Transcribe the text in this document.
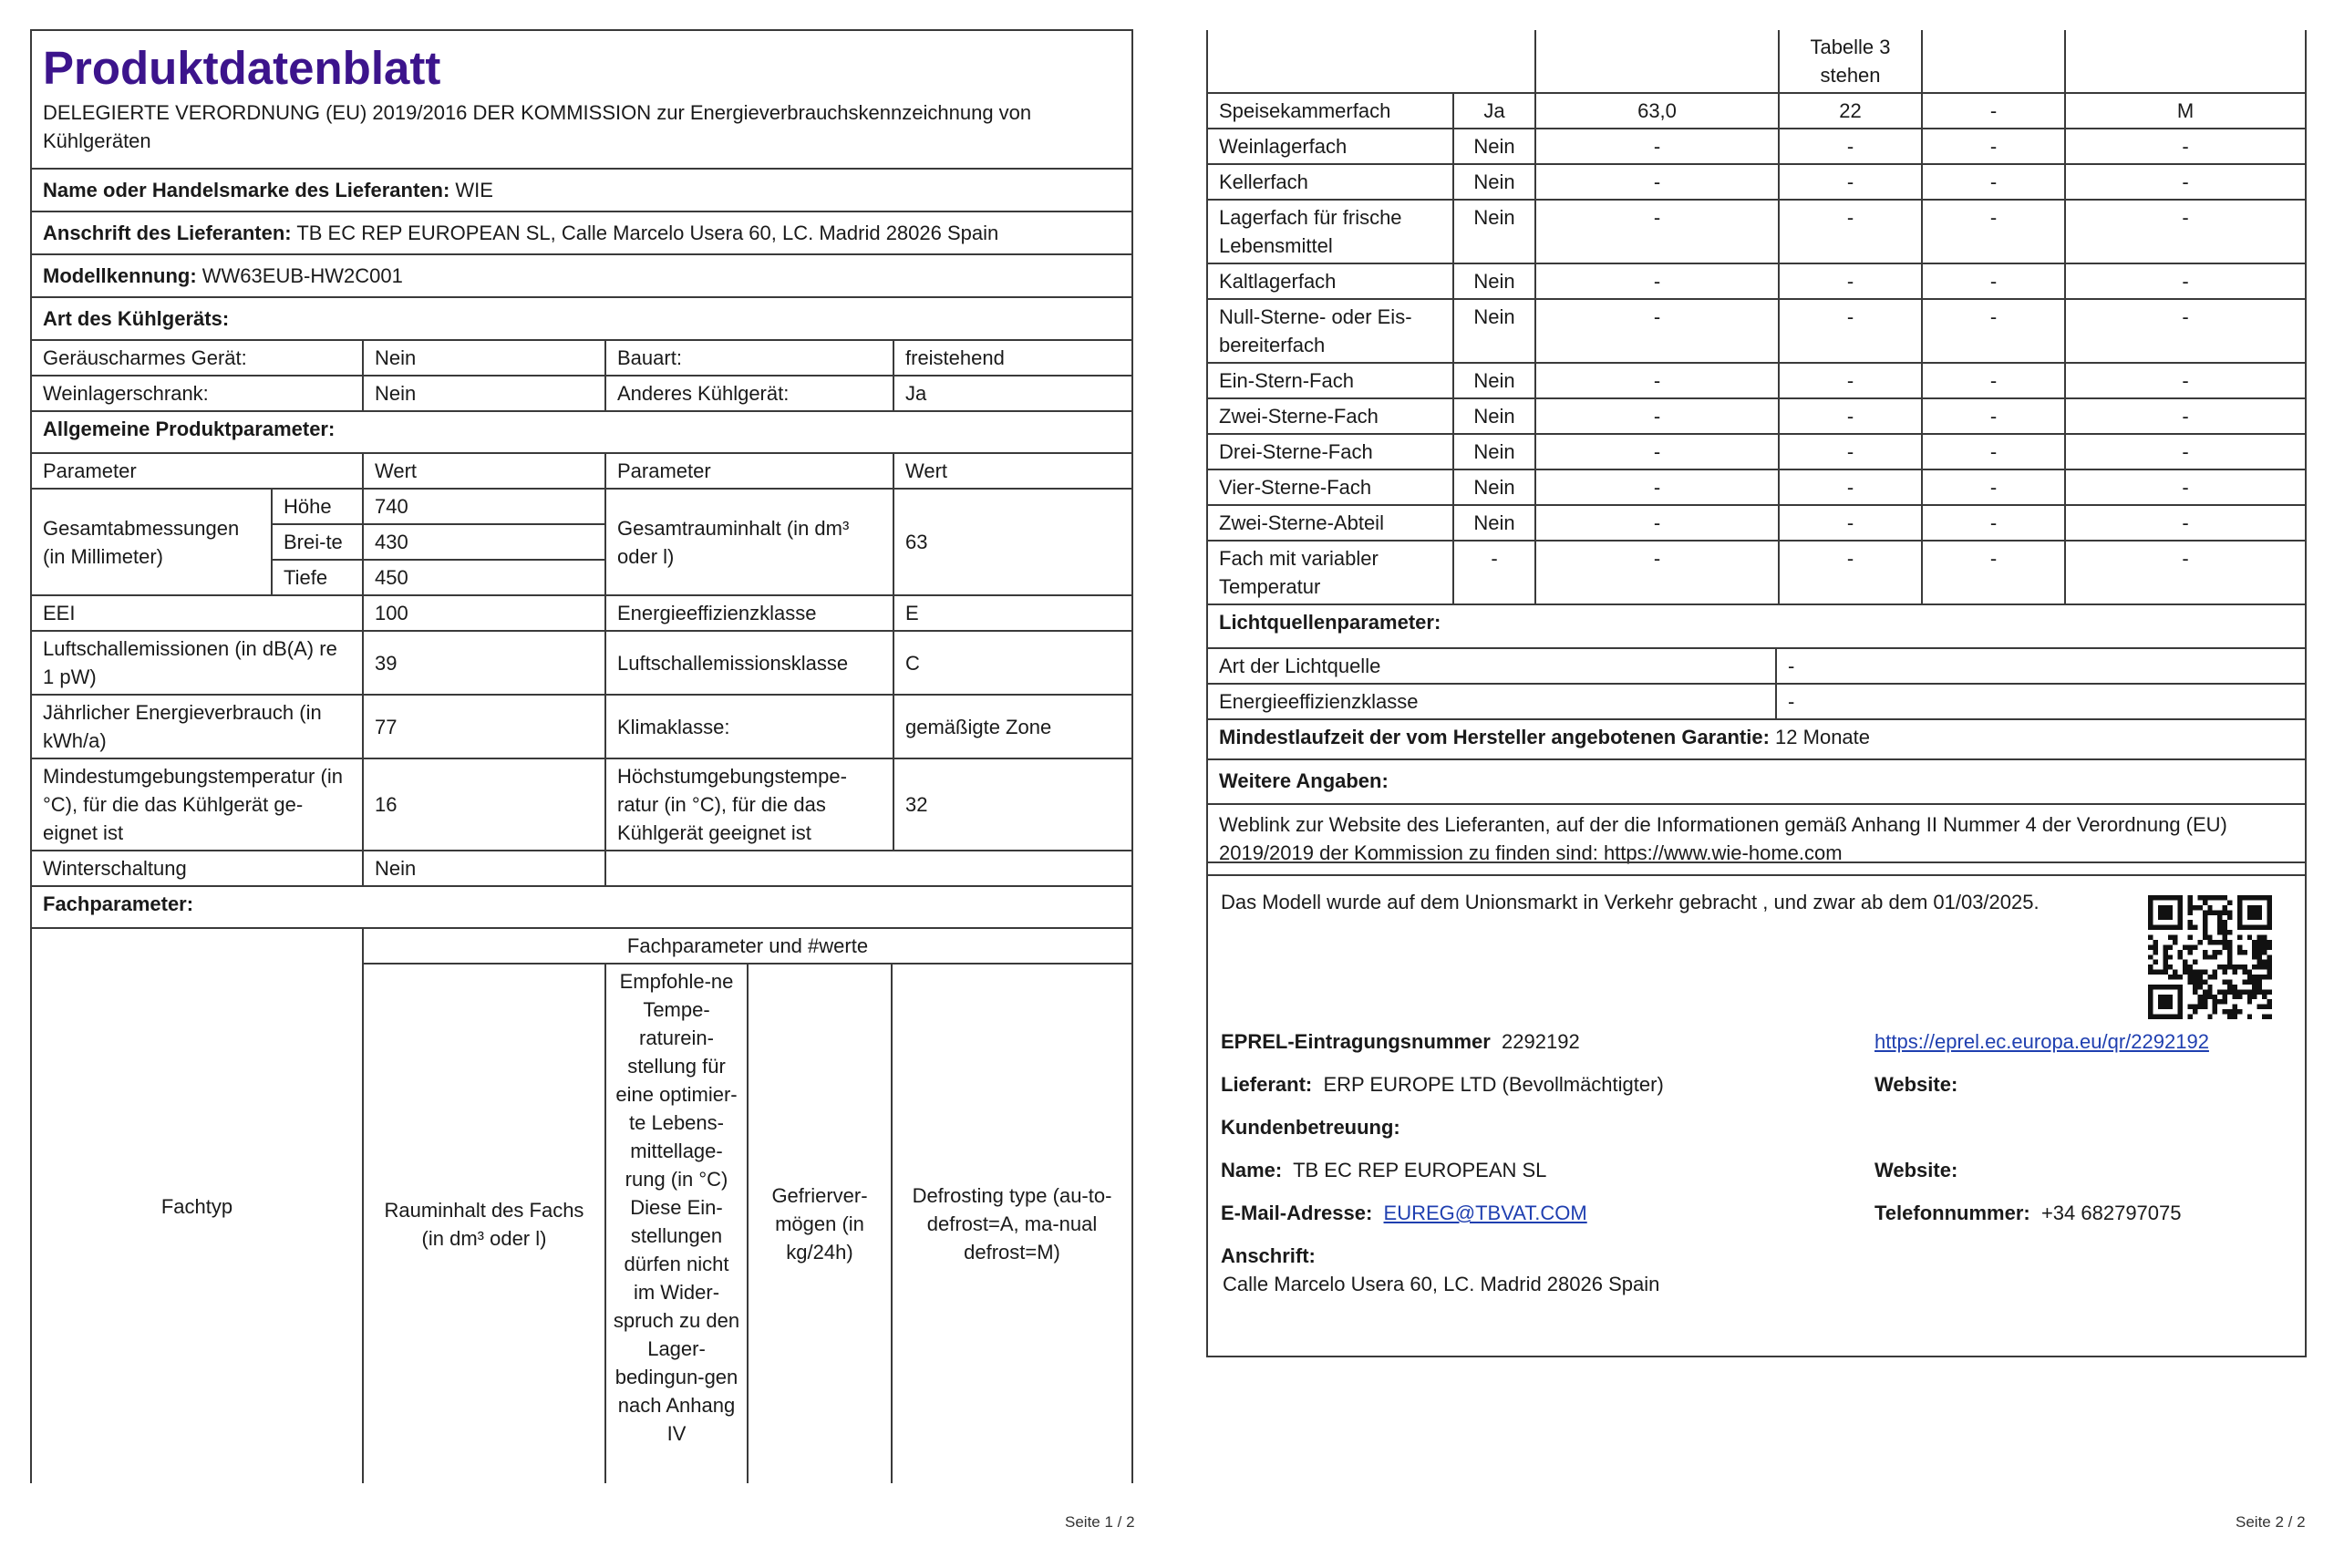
Produktdatenblatt
DELEGIERTE VERORDNUNG (EU) 2019/2016 DER KOMMISSION zur Energieverbrauchskennzeichnung von Kühlgeräten

Name oder Handelsmarke des Lieferanten: WIE
Anschrift des Lieferanten: TB EC REP EUROPEAN SL, Calle Marcelo Usera 60, LC. Madrid 28026 Spain
Modellkennung: WW63EUB-HW2C001
Art des Kühlgeräts:
Geräuscharmes Gerät:	Nein	Bauart:	freistehend
Weinlagerschrank:	Nein	Anderes Kühlgerät:	Ja
Allgemeine Produktparameter:			
Parameter		Wert	Parameter	Wert
Gesamtabmessungen (in Millimeter)	Höhe	740	Gesamtrauminhalt (in dm³ oder l)	63
	Brei-te	430		
	Tiefe	450		
EEI		100	Energieeffizienzklasse	E
Luftschallemissionen (in dB(A) re 1 pW)		39	Luftschallemissionsklasse	C
Jährlicher Energieverbrauch (in kWh/a)		77	Klimaklasse:	gemäßigte Zone
Mindestumgebungstemperatur (in °C), für die das Kühlgerät ge-eignet ist		16	Höchstumgebungstempe-ratur (in °C), für die das Kühlgerät geeignet ist	32
Winterschaltung		Nein		
Fachparameter:				
Fachtyp	Fachparameter und #werte			
	Rauminhalt des Fachs (in dm³ oder l)	Empfohle-ne Tempe-raturein-stellung für eine optimier-te Lebens-mittellage-rung (in °C) Diese Ein-stellungen dürfen nicht im Wider-spruch zu den Lager-bedingun-gen nach Anhang IV	Gefrierver-mögen (in kg/24h)	Defrosting type (au-to-defrost=A, ma-nual defrost=M)
Seite 1 / 2
			Tabelle 3 stehen		
Speisekammerfach	Ja	63,0	22	-	M
Weinlagerfach	Nein	-	-	-	-
Kellerfach	Nein	-	-	-	-
Lagerfach für frische Lebensmittel	Nein	-	-	-	-
Kaltlagerfach	Nein	-	-	-	-
Null-Sterne- oder Eis-bereiterfach	Nein	-	-	-	-
Ein-Stern-Fach	Nein	-	-	-	-
Zwei-Sterne-Fach	Nein	-	-	-	-
Drei-Sterne-Fach	Nein	-	-	-	-
Vier-Sterne-Fach	Nein	-	-	-	-
Zwei-Sterne-Abteil	Nein	-	-	-	-
Fach mit variabler Temperatur	-	-	-	-	-
Lichtquellenparameter:	
Art der Lichtquelle	-
Energieeffizienzklasse	-
Mindestlaufzeit der vom Hersteller angebotenen Garantie: 12 Monate	
Weitere Angaben:	
Weblink zur Website des Lieferanten, auf der die Informationen gemäß Anhang II Nummer 4 der Verordnung (EU) 2019/2019 der Kommission zu finden sind: https://www.wie-home.com	
Das Modell wurde auf dem Unionsmarkt in Verkehr gebracht , und zwar ab dem 01/03/2025.
EPREL-Eintragungsnummer 2292192	https://eprel.ec.europa.eu/qr/2292192
Lieferant: ERP EUROPE LTD (Bevollmächtigter)	Website:
Kundenbetreuung:
Name: TB EC REP EUROPEAN SL	Website:
E-Mail-Adresse: EUREG@TBVAT.COM	Telefonnummer: +34 682797075
Anschrift:
Calle Marcelo Usera 60, LC. Madrid 28026 Spain
Seite 2 / 2
